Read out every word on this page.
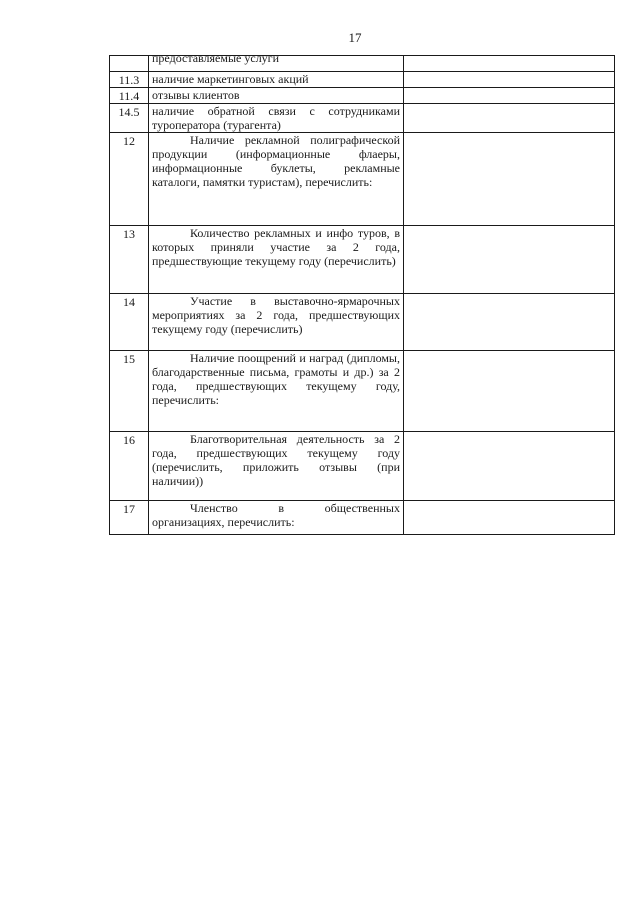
17

	предоставляемые услуги	

11.3	наличие маркетинговых акций	
11.4	отзывы клиентов	
14.5	наличие обратной связи с сотрудниками туроператора (турагента)	
12	Наличие рекламной полиграфической продукции (информационные флаеры, информационные буклеты, рекламные каталоги, памятки туристам), перечислить:	

13	Количество рекламных и инфо туров, в которых приняли участие за 2 года, предшествующие текущему году (перечислить)	

14	Участие в выставочно-ярмарочных мероприятиях за 2 года, предшествующих текущему году (перечислить)	

15	Наличие поощрений и наград (дипломы, благодарственные письма, грамоты и др.) за 2 года, предшествующих текущему году, перечислить:	

16	Благотворительная деятельность за 2 года, предшествующих текущему году (перечислить, приложить отзывы (при наличии))	

17	Членство в общественных организациях, перечислить:	
